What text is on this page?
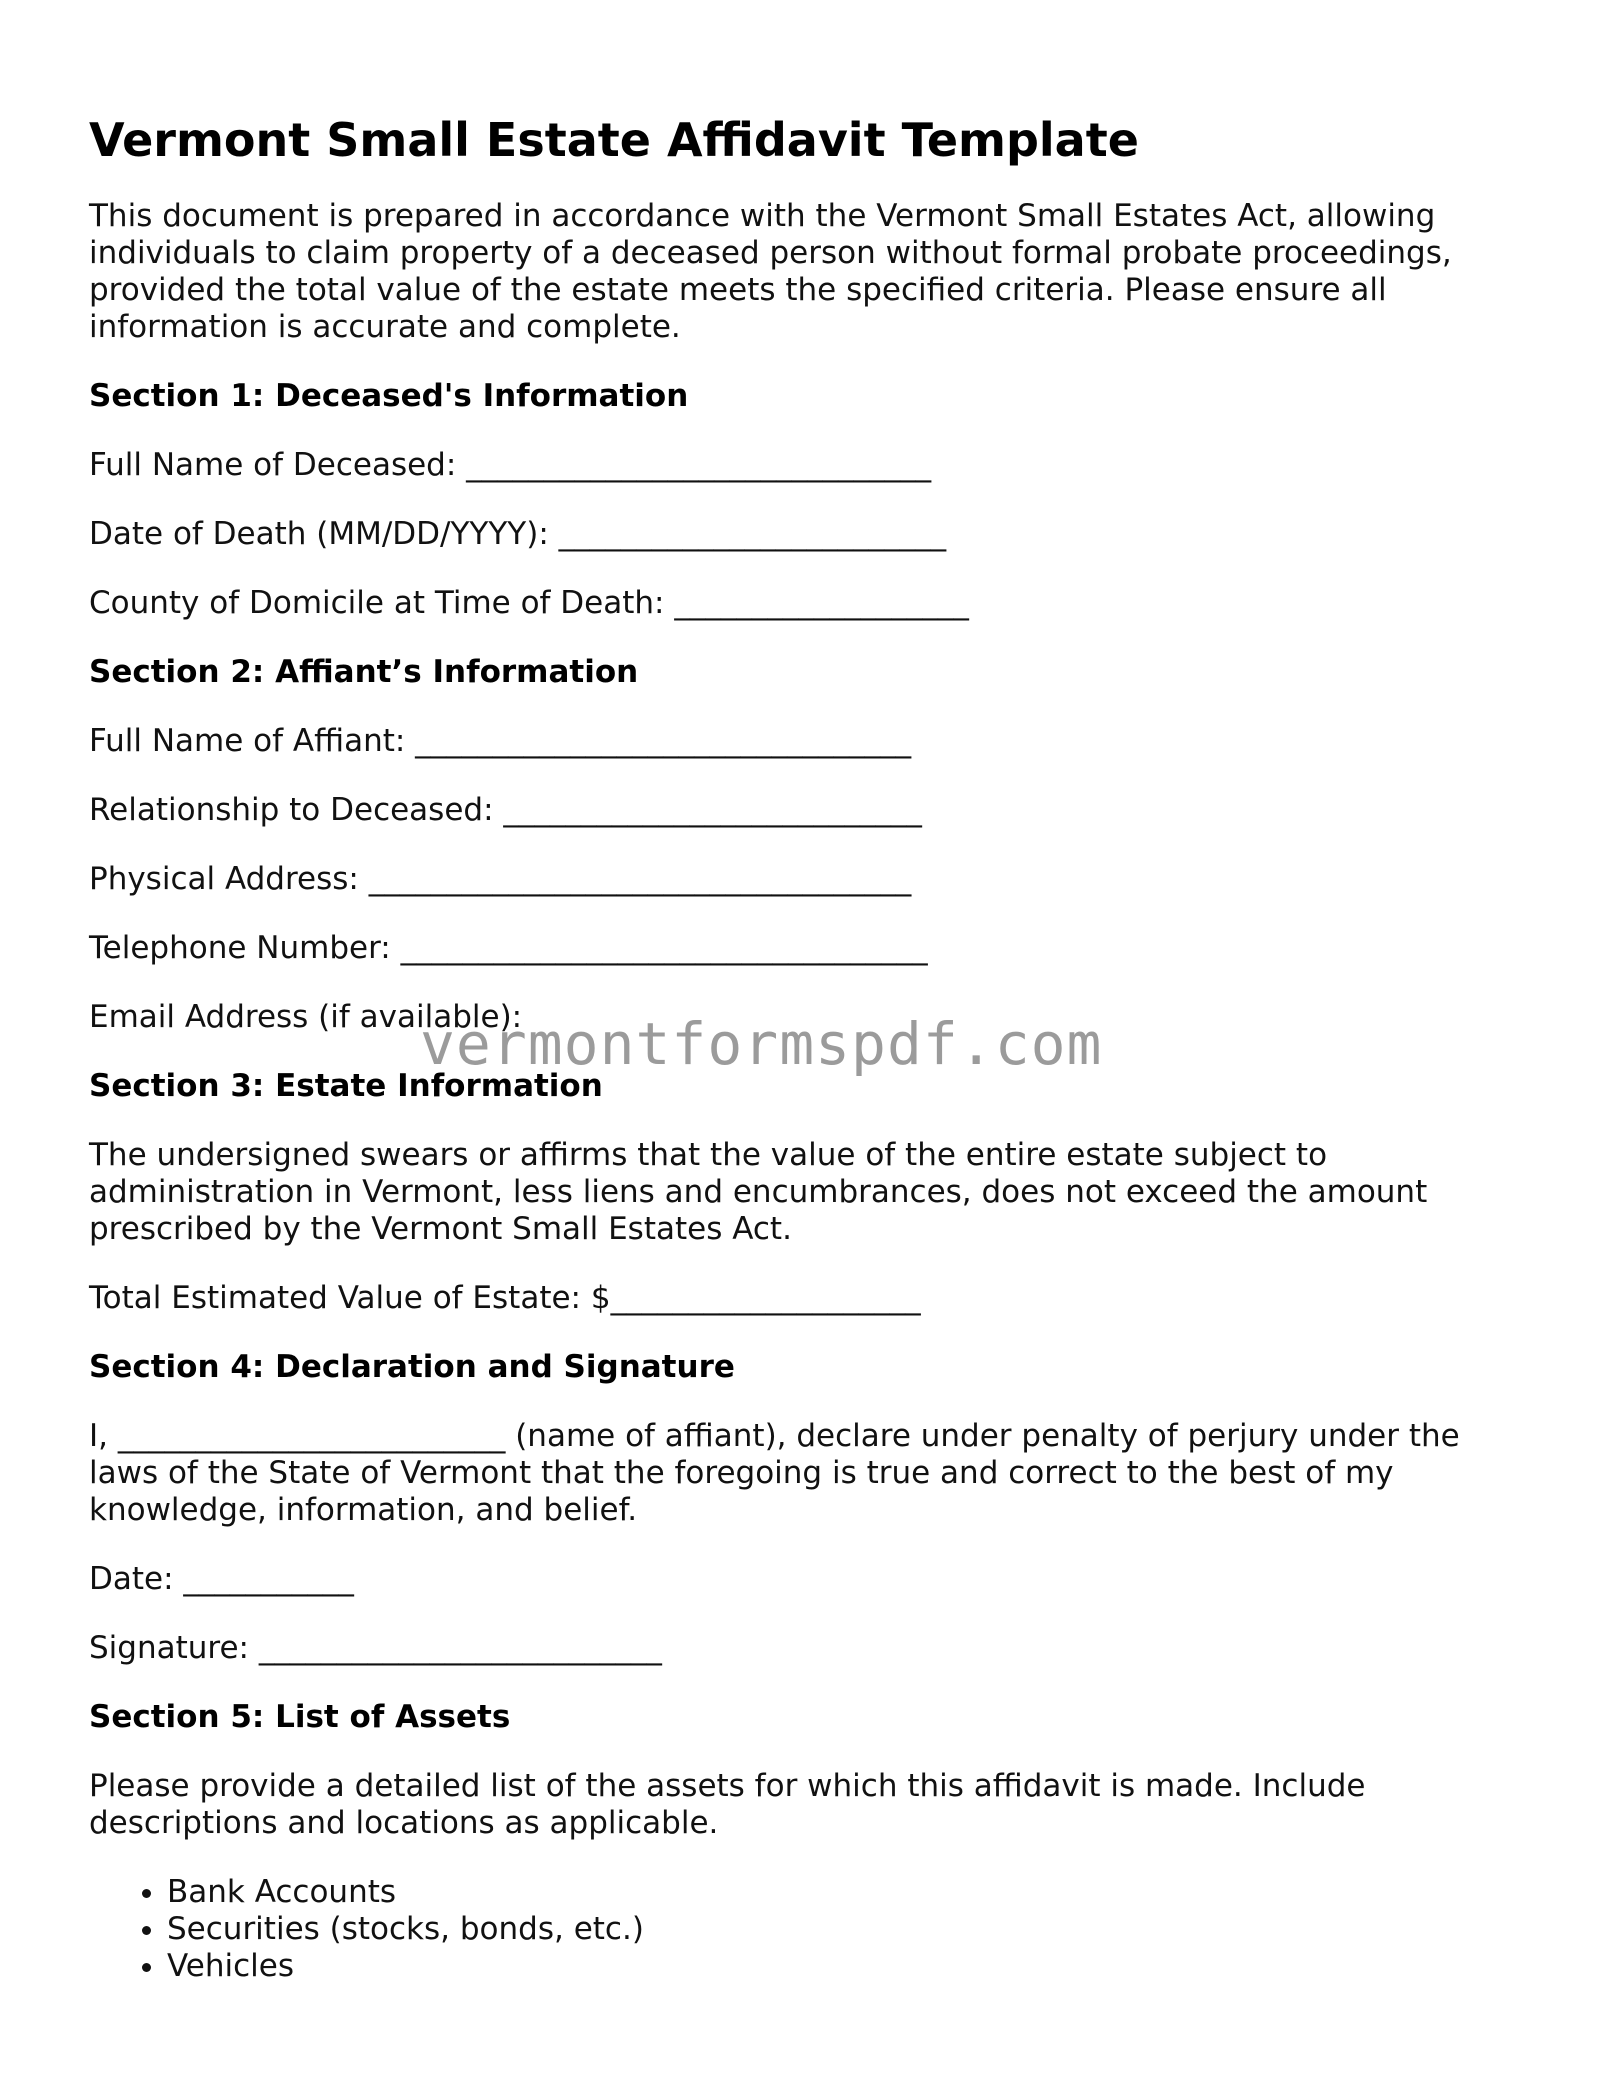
Vermont Small Estate Affidavit Template

This document is prepared in accordance with the Vermont Small Estates Act, allowing individuals to claim property of a deceased person without formal probate proceedings, provided the total value of the estate meets the specified criteria. Please ensure all information is accurate and complete.

Section 1: Deceased's Information
Full Name of Deceased: ______________________________
Date of Death (MM/DD/YYYY): _________________________
County of Domicile at Time of Death: ___________________
Section 2: Affiant’s Information
Full Name of Affiant: ________________________________
Relationship to Deceased: ___________________________
Physical Address: ___________________________________
Telephone Number: __________________________________
Email Address (if available):
Section 3: Estate Information

The undersigned swears or affirms that the value of the entire estate subject to administration in Vermont, less liens and encumbrances, does not exceed the amount prescribed by the Vermont Small Estates Act.

Total Estimated Value of Estate: $____________________
Section 4: Declaration and Signature

I, _________________________ (name of affiant), declare under penalty of perjury under the laws of the State of Vermont that the foregoing is true and correct to the best of my knowledge, information, and belief.

Date: ___________
Signature: __________________________
Section 5: List of Assets

Please provide a detailed list of the assets for which this affidavit is made. Include descriptions and locations as applicable.

• Bank Accounts
• Securities (stocks, bonds, etc.)
• Vehicles
vermontformspdf.com
